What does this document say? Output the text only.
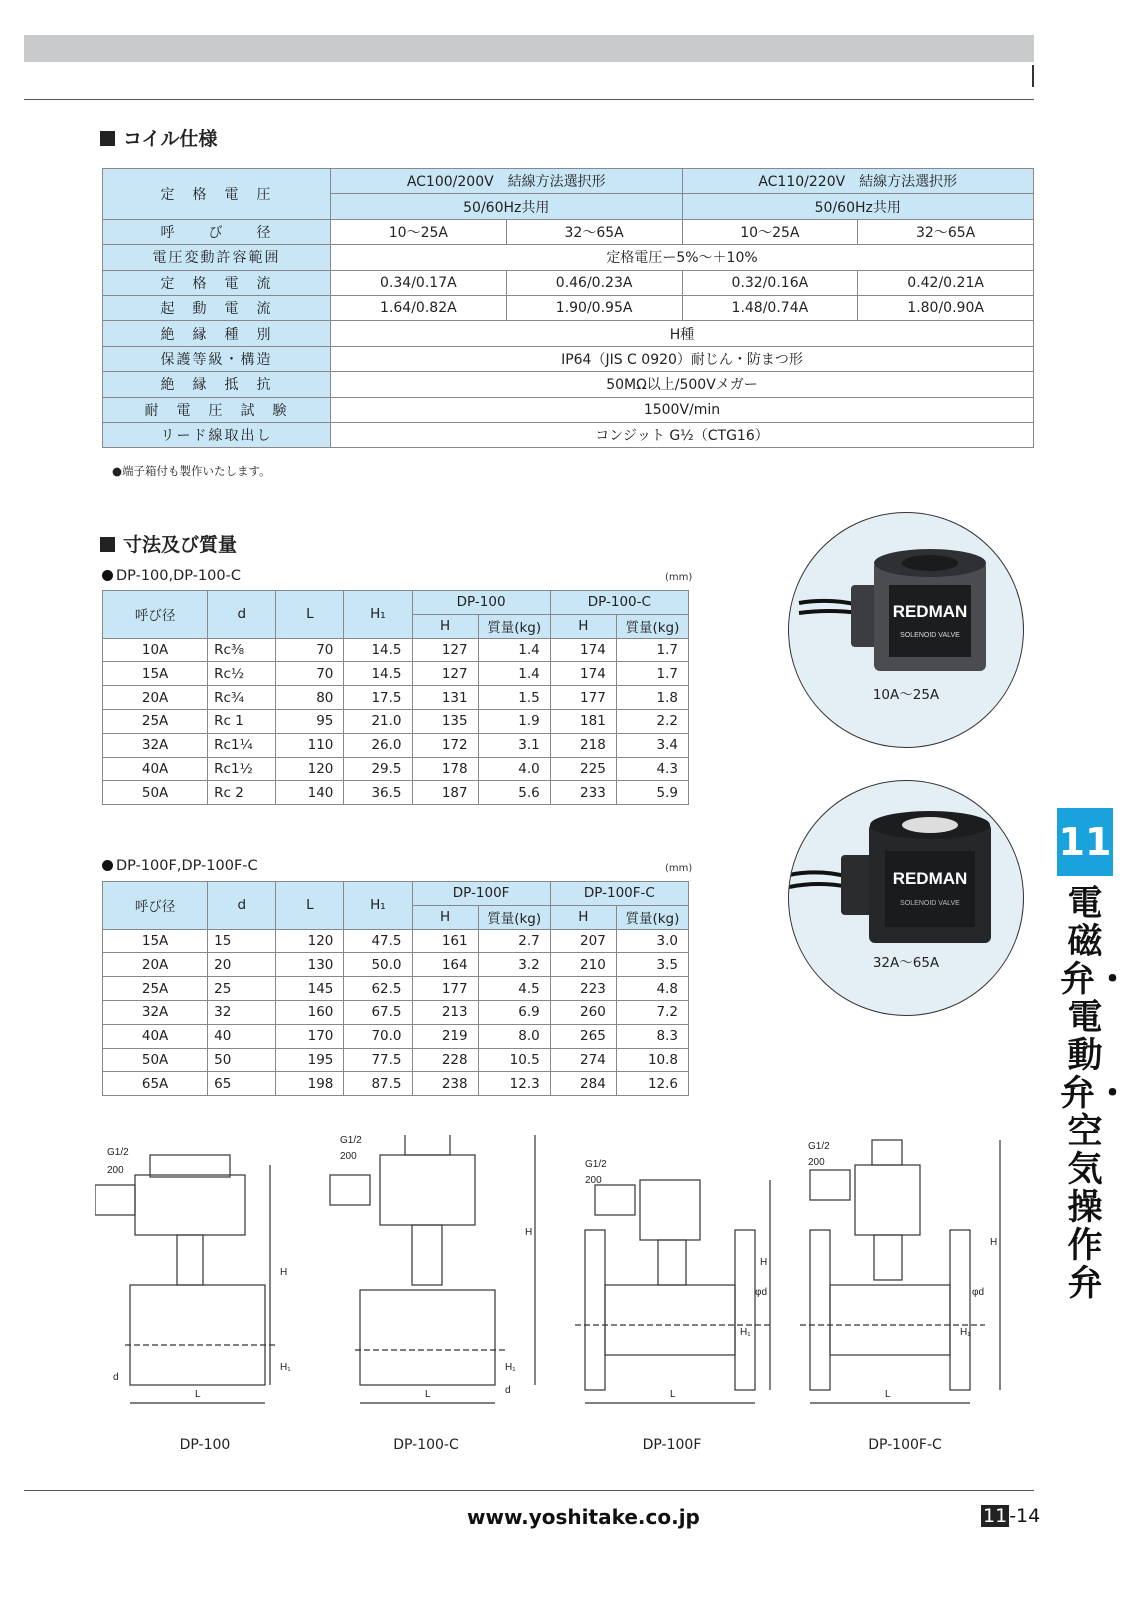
コイル仕様
定　格　電　圧	AC100/200V　結線方法選択形		AC110/220V　結線方法選択形	
	50/60Hz共用		50/60Hz共用	
呼　　び　　径	10〜25A	32〜65A	10〜25A	32〜65A
電圧変動許容範囲	定格電圧ー5%〜＋10%			
定　格　電　流	0.34/0.17A	0.46/0.23A	0.32/0.16A	0.42/0.21A
起　動　電　流	1.64/0.82A	1.90/0.95A	1.48/0.74A	1.80/0.90A
絶　縁　種　別	H種			
保護等級・構造	IP64（JIS C 0920）耐じん・防まつ形			
絶　縁　抵　抗	50MΩ以上/500Vメガー			
耐　電　圧　試　験	1500V/min			
リード線取出し	コンジット G½（CTG16）			
●端子箱付も製作いたします。
寸法及び質量
DP-100,DP-100-C	(mm)
呼び径	d	L	H₁	DP-100		DP-100-C	
				H	質量(kg)	H	質量(kg)
10A	Rc⅜	70	14.5	127	1.4	174	1.7
15A	Rc½	70	14.5	127	1.4	174	1.7
20A	Rc¾	80	17.5	131	1.5	177	1.8
25A	Rc 1	95	21.0	135	1.9	181	2.2
32A	Rc1¼	110	26.0	172	3.1	218	3.4
40A	Rc1½	120	29.5	178	4.0	225	4.3
50A	Rc 2	140	36.5	187	5.6	233	5.9
DP-100F,DP-100F-C	(mm)
呼び径	d	L	H₁	DP-100F		DP-100F-C	
				H	質量(kg)	H	質量(kg)
15A	15	120	47.5	161	2.7	207	3.0
20A	20	130	50.0	164	3.2	210	3.5
25A	25	145	62.5	177	4.5	223	4.8
32A	32	160	67.5	213	6.9	260	7.2
40A	40	170	70.0	219	8.0	265	8.3
50A	50	195	77.5	228	10.5	274	10.8
65A	65	198	87.5	238	12.3	284	12.6
REDMAN
SOLENOID VALVE
10A〜25A
REDMAN
SOLENOID VALVE
32A〜65A
11
電磁弁・電動弁・空気操作弁
G1/2
200
H
H₁
L
d
DP-100
G1/2
200
H
H₁
L	d
DP-100-C
G1/2
200
H
H₁
L
φd
DP-100F
G1/2
200
H
H₁
L
φd
DP-100F-C
www.yoshitake.co.jp	11 -14
